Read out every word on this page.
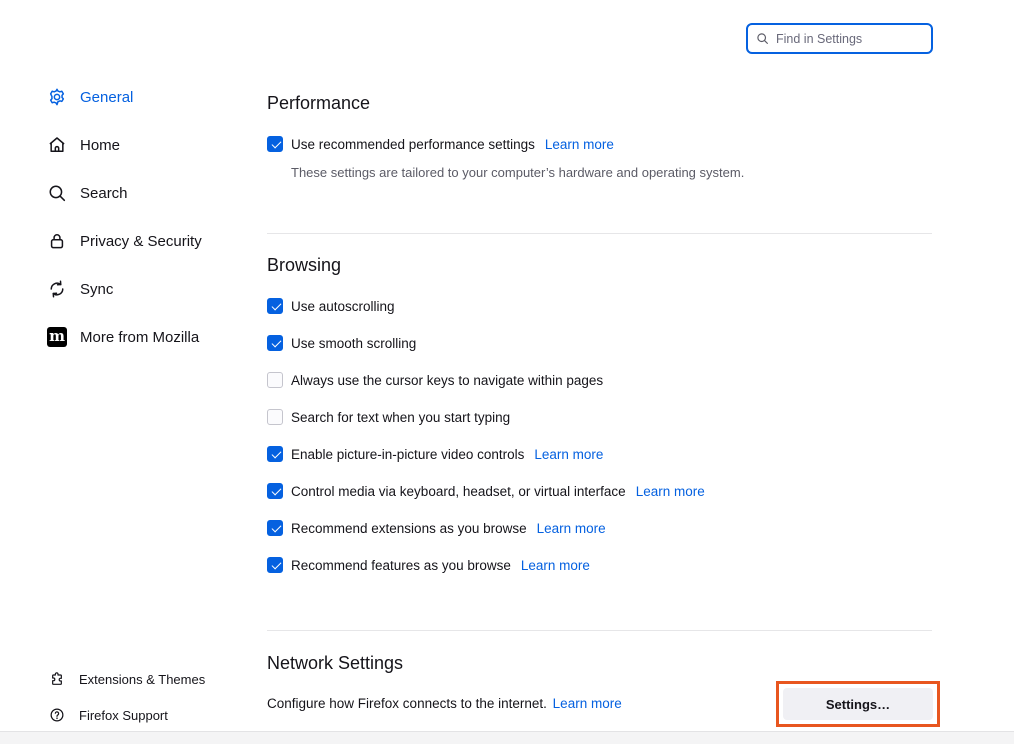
Find in Settings
General
Home
Search
Privacy & Security
Sync
m More from Mozilla
Extensions & Themes
Firefox Support
Performance
Use recommended performance settings Learn more

These settings are tailored to your computer’s hardware and operating system.

Browsing
Use autoscrolling
Use smooth scrolling
Always use the cursor keys to navigate within pages
Search for text when you start typing
Enable picture-in-picture video controls Learn more
Control media via keyboard, headset, or virtual interface Learn more
Recommend extensions as you browse Learn more
Recommend features as you browse Learn more
Network Settings
Configure how Firefox connects to the internet. Learn more	Settings…
